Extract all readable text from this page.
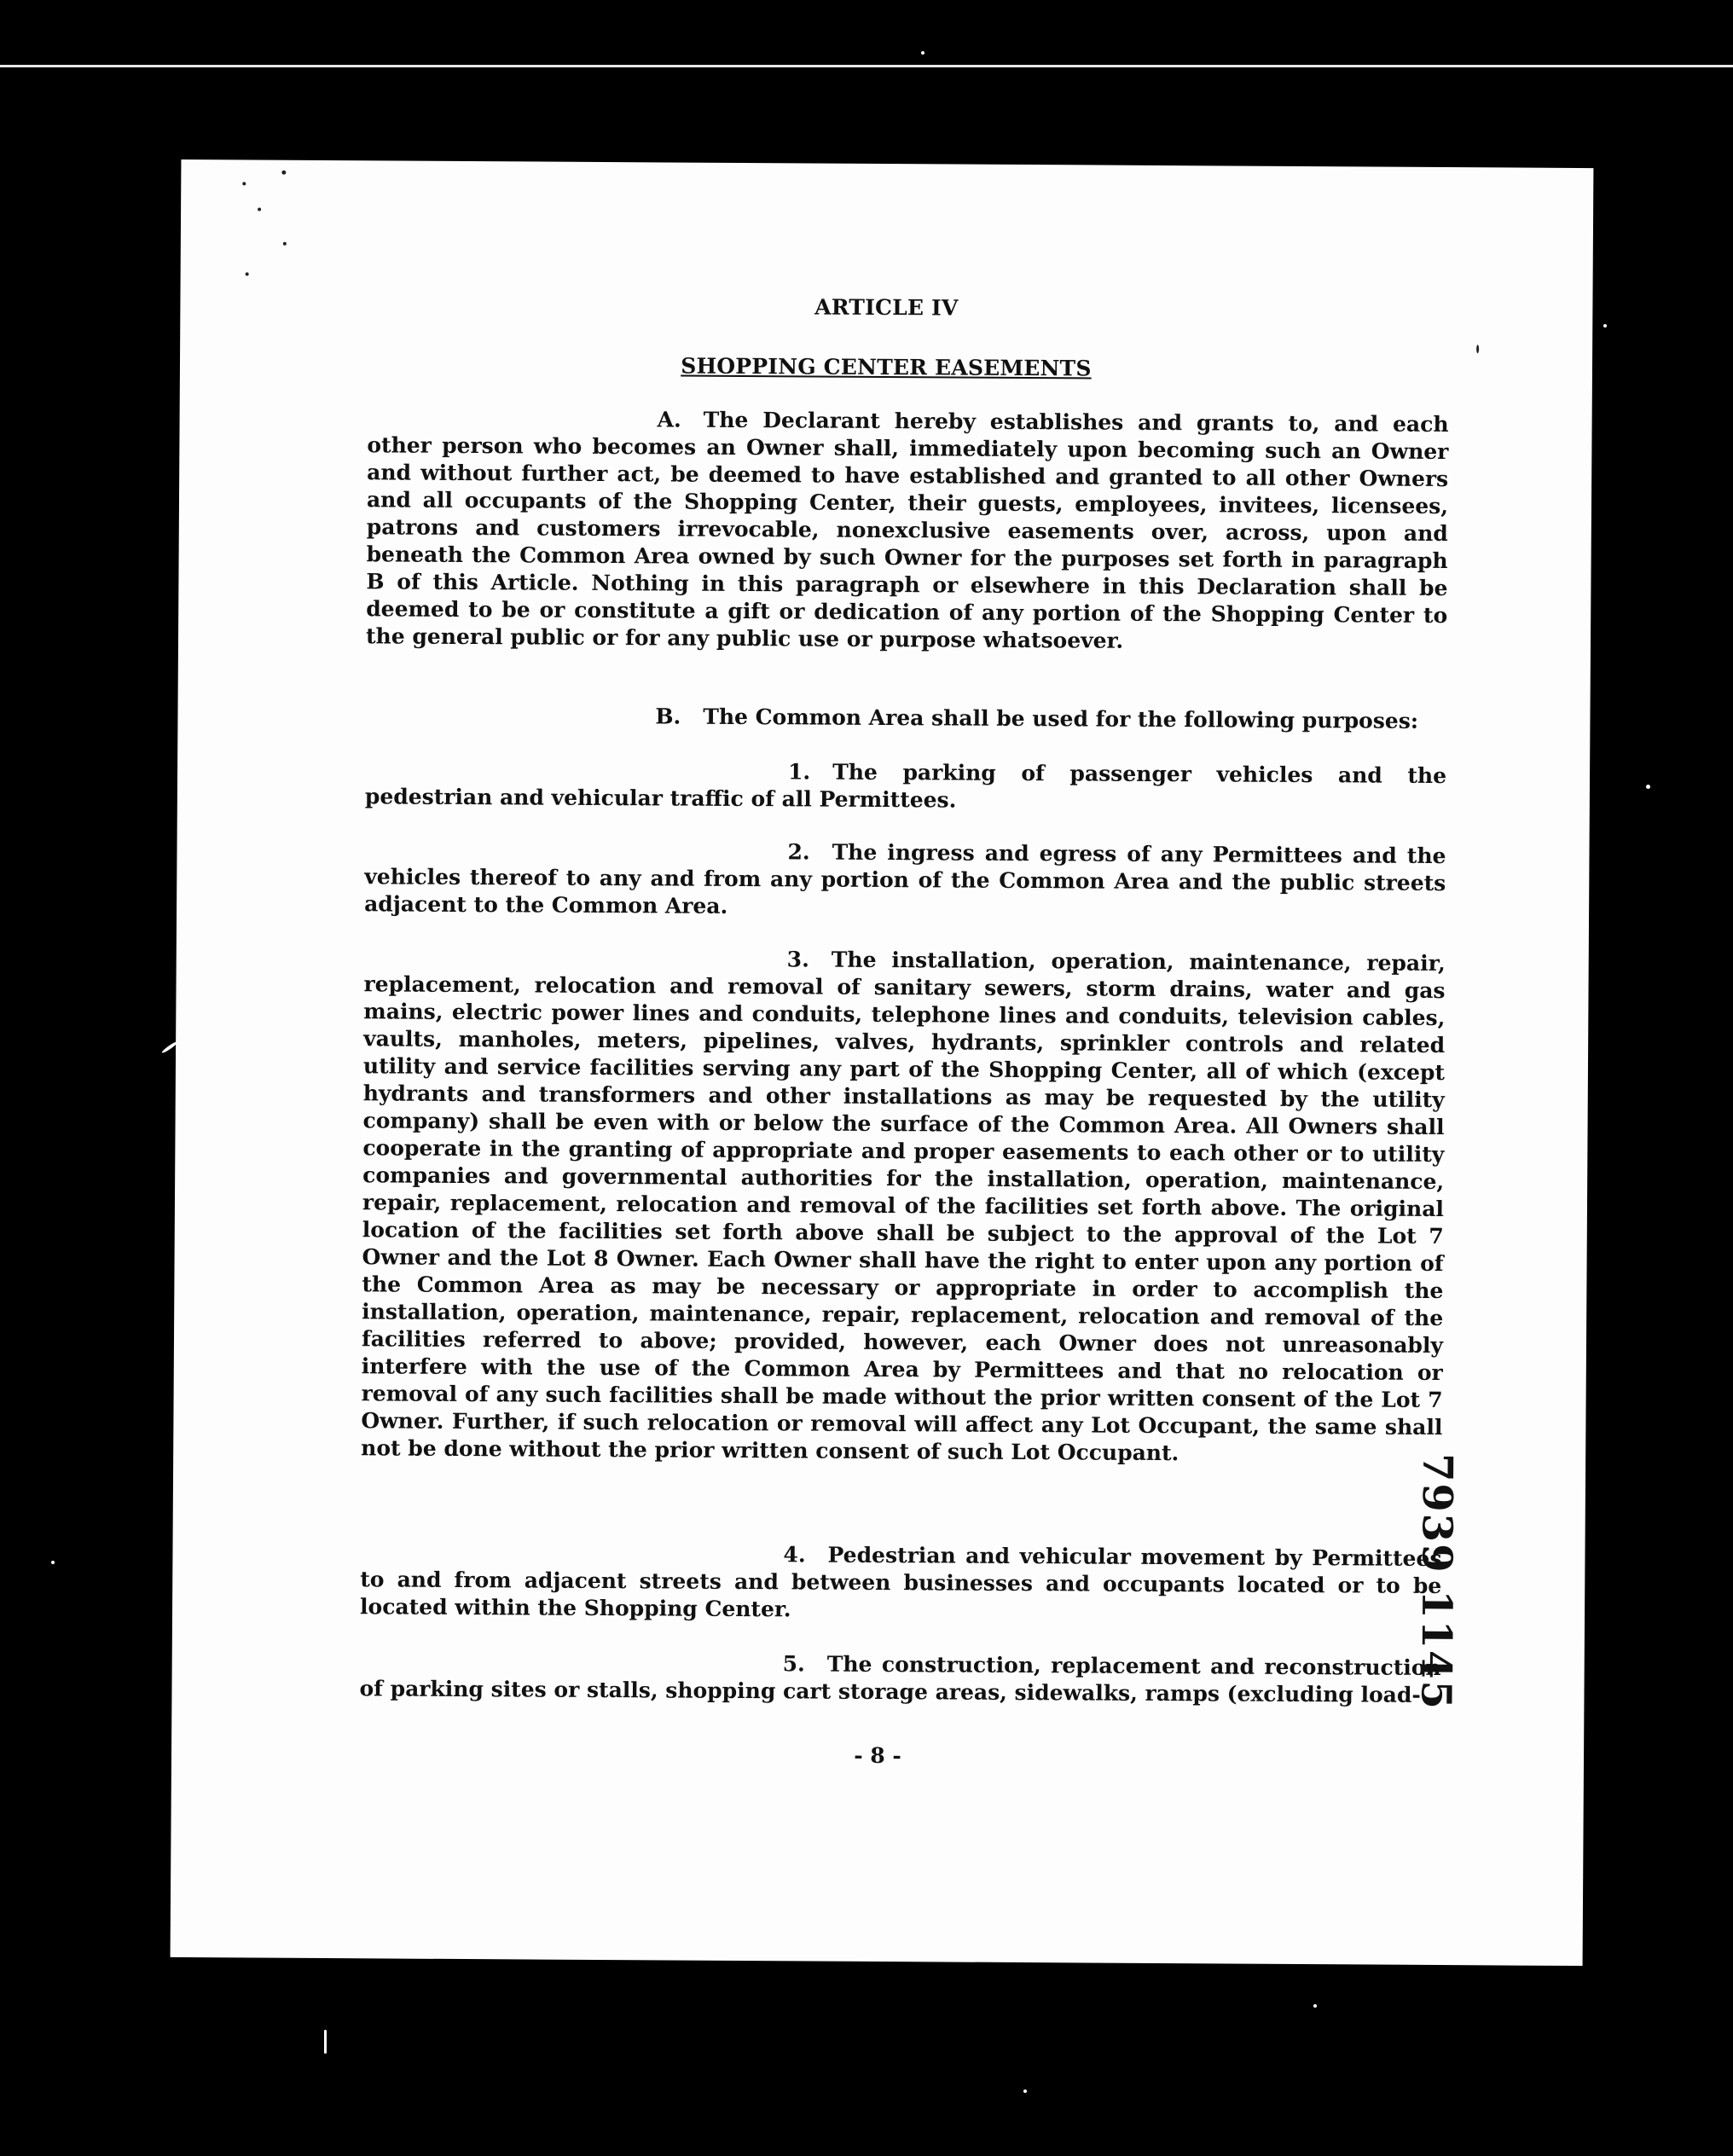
ARTICLE IV
SHOPPING CENTER EASEMENTS

A. The Declarant hereby establishes and grants to, and each other person who becomes an Owner shall, immediately upon becoming such an Owner and without further act, be deemed to have established and granted to all other Owners and all occupants of the Shopping Center, their guests, employees, invitees, licensees, patrons and customers irrevocable, nonexclusive easements over, across, upon and beneath the Common Area owned by such Owner for the purposes set forth in paragraph B of this Article. Nothing in this paragraph or elsewhere in this Declaration shall be deemed to be or constitute a gift or dedication of any portion of the Shopping Center to the general public or for any public use or purpose whatsoever.

B. The Common Area shall be used for the following purposes:

1. The parking of passenger vehicles and the pedestrian and vehicular traffic of all Permittees.

2. The ingress and egress of any Permittees and the vehicles thereof to any and from any portion of the Common Area and the public streets adjacent to the Common Area.

3. The installation, operation, maintenance, repair, replacement, relocation and removal of sanitary sewers, storm drains, water and gas mains, electric power lines and conduits, telephone lines and conduits, television cables, vaults, manholes, meters, pipelines, valves, hydrants, sprinkler controls and related utility and service facilities serving any part of the Shopping Center, all of which (except hydrants and transformers and other installations as may be requested by the utility company) shall be even with or below the surface of the Common Area. All Owners shall cooperate in the granting of appropriate and proper easements to each other or to utility companies and governmental authorities for the installation, operation, maintenance, repair, replacement, relocation and removal of the facilities set forth above. The original location of the facilities set forth above shall be subject to the approval of the Lot 7 Owner and the Lot 8 Owner. Each Owner shall have the right to enter upon any portion of the Common Area as may be necessary or appropriate in order to accomplish the installation, operation, maintenance, repair, replacement, relocation and removal of the facilities referred to above; provided, however, each Owner does not unreasonably interfere with the use of the Common Area by Permittees and that no relocation or removal of any such facilities shall be made without the prior written consent of the Lot 7 Owner. Further, if such relocation or removal will affect any Lot Occupant, the same shall not be done without the prior written consent of such Lot Occupant.

4. Pedestrian and vehicular movement by Permittees to and from adjacent streets and between businesses and occupants located or to be located within the Shopping Center.

5. The construction, replacement and reconstruction of parking sites or stalls, shopping cart storage areas, sidewalks, ramps (excluding load-

7939 1145
- 8 -
